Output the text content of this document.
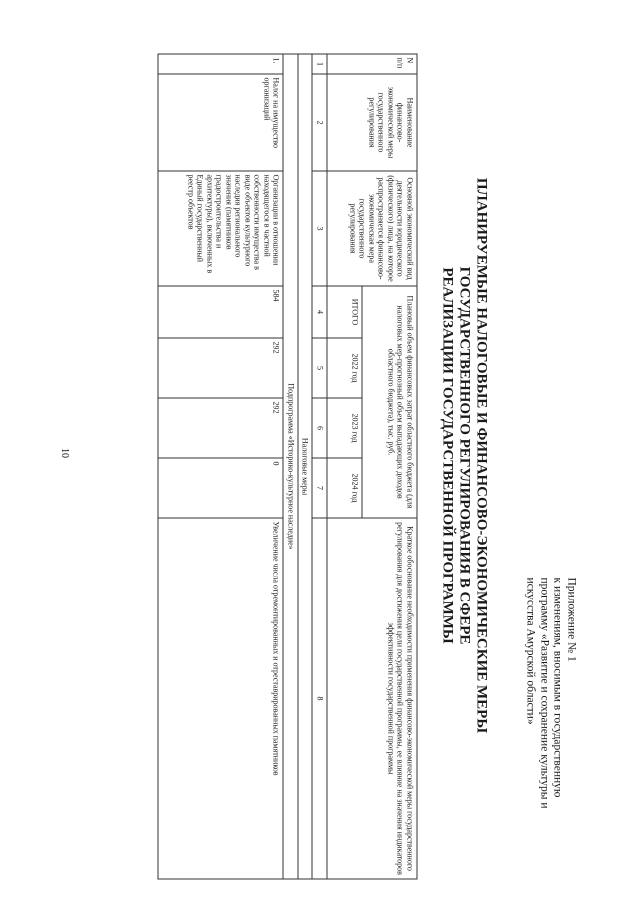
10
Приложение № 1
к изменениям, вносимым в государственную
программу «Развитие и сохранение культуры и
искусства Амурской области»
ПЛАНИРУЕМЫЕ НАЛОГОВЫЕ И ФИНАНСОВО-ЭКОНОМИЧЕСКИЕ МЕРЫ
ГОСУДАРСТВЕННОГО РЕГУЛИРОВАНИЯ В СФЕРЕ
РЕАЛИЗАЦИИ ГОСУДАРСТВЕННОЙ ПРОГРАММЫ
N п/п	Наименование финансово-экономической меры государственного регулирования	Основной экономический вид деятельности юридического (физического) лица, на которое распространяется финансово-экономическая мера государственного регулирования	Плановый объем финансовых затрат областного бюджета (для налоговых мер-прогнозный объем выпадающих доходов областного бюджета), тыс. руб.				Краткое обоснование необходимости применения финансово-экономической меры государственного регулирования для достижения цели государственной программы, ее влияние на значения индикаторов эффективности государственной программы
			ИТОГО	2022 год	2023 год	2024 год	
1	2	3	4	5	6	7	8
Налоговые меры							
Подпрограмма «Историко-культурное наследие»							
1.	Налог на имущество организаций	Организации в отношении находящегося в частной собственности имущества в виде объектов культурного наследия регионального значения (памятников градостроительства и архитектуры), включенных в Единый государственный реестр объектов	584	292	292	0	Увеличение числа отремонтированных и отреставрированных памятников
